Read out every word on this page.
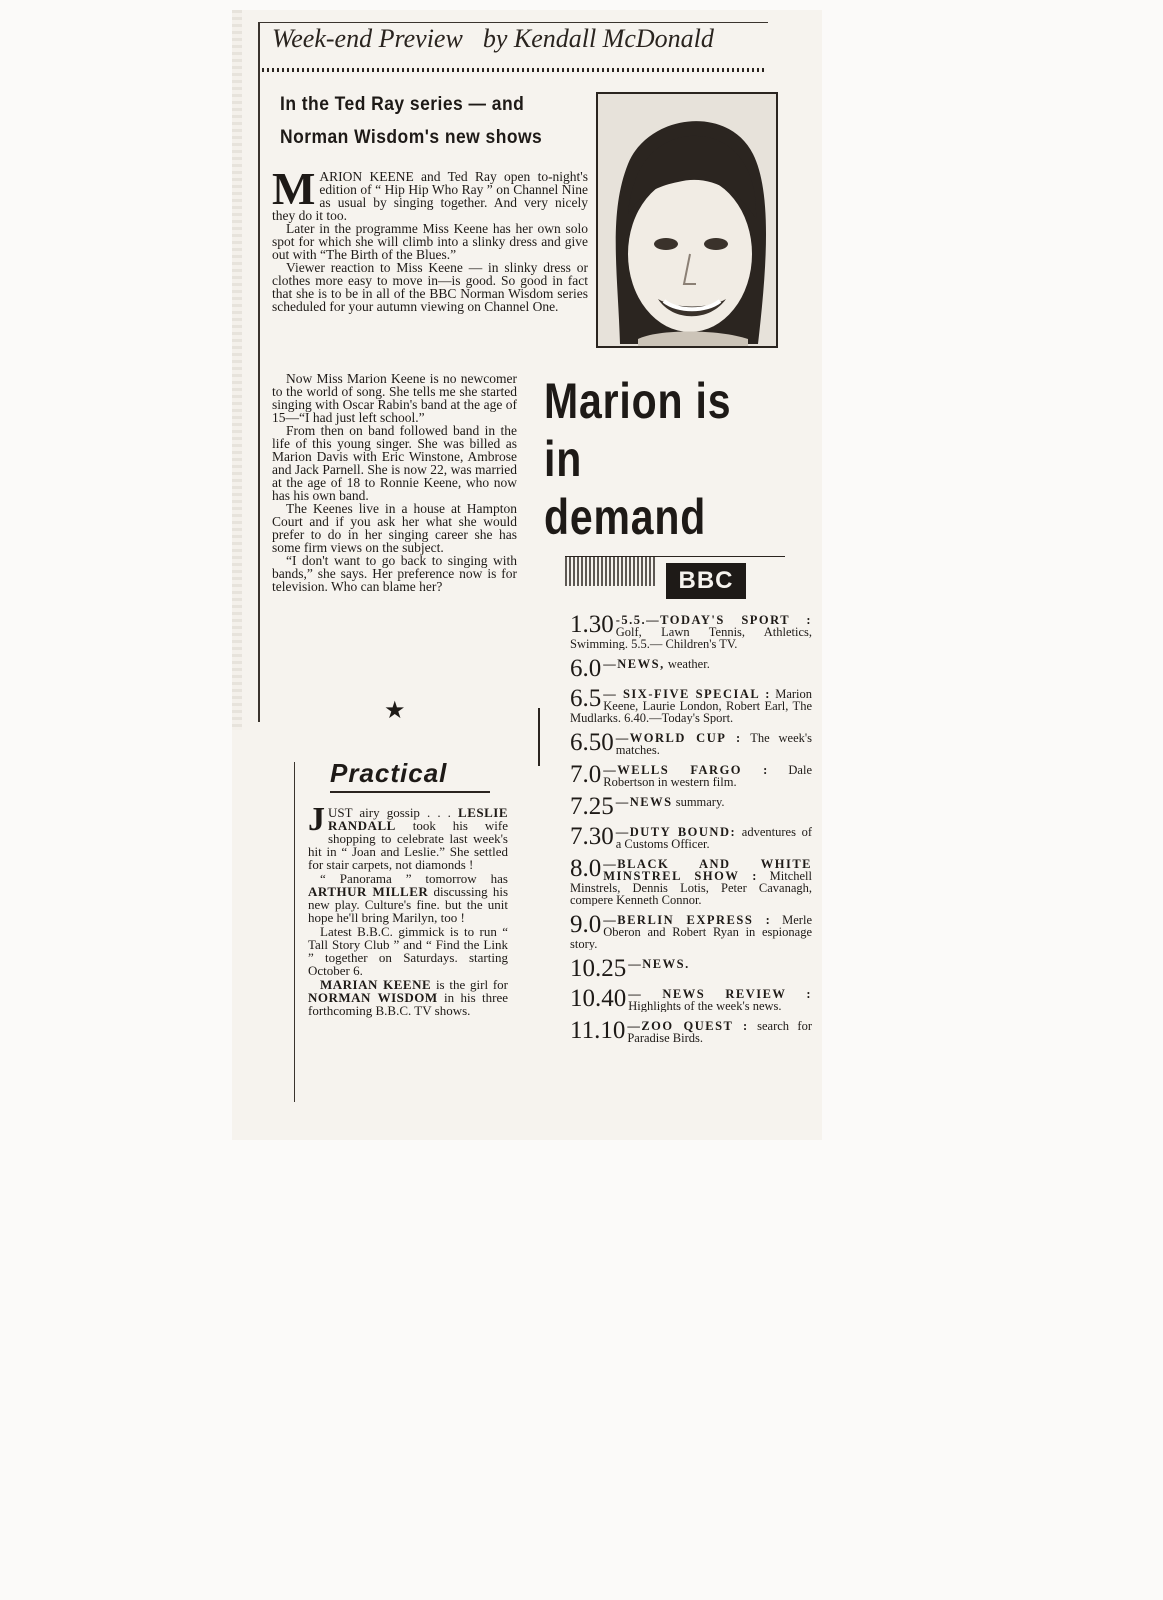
Week-end Preview by Kendall McDonald
In the Ted Ray series — and
Norman Wisdom's new shows

MARION KEENE and Ted Ray open to-night's edition of “ Hip Hip Who Ray ” on Channel Nine as usual by singing together. And very nicely they do it too.

Later in the programme Miss Keene has her own solo spot for which she will climb into a slinky dress and give out with “The Birth of the Blues.”

Viewer reaction to Miss Keene — in slinky dress or clothes more easy to move in—is good. So good in fact that she is to be in all of the BBC Norman Wisdom series scheduled for your autumn viewing on Channel One.

Now Miss Marion Keene is no newcomer to the world of song. She tells me she started singing with Oscar Rabin's band at the age of 15—“I had just left school.”

From then on band followed band in the life of this young singer. She was billed as Marion Davis with Eric Winstone, Ambrose and Jack Parnell. She is now 22, was married at the age of 18 to Ronnie Keene, who now has his own band.

The Keenes live in a house at Hampton Court and if you ask her what she would prefer to do in her singing career she has some firm views on the subject.

“I don't want to go back to singing with bands,” she says. Her preference now is for television. Who can blame her?

Marion is
in demand
★
Practical

JUST airy gossip . . . LESLIE RANDALL took his wife shopping to celebrate last week's hit in “ Joan and Leslie.” She settled for stair carpets, not diamonds !

“ Panorama ” tomorrow has ARTHUR MILLER discussing his new play. Culture's fine. but the unit hope he'll bring Marilyn, too !

Latest B.B.C. gimmick is to run “ Tall Story Club ” and “ Find the Link ” together on Saturdays. starting October 6.

MARIAN KEENE is the girl for NORMAN WISDOM in his three forthcoming B.B.C. TV shows.

BBC
1.30 -5.5.—TODAY'S SPORT : Golf, Lawn Tennis, Athletics, Swimming. 5.5.— Children's TV.
6.0 —NEWS, weather.
6.5 — SIX-FIVE SPECIAL : Marion Keene, Laurie London, Robert Earl, The Mudlarks. 6.40.—Today's Sport.
6.50 —WORLD CUP : The week's matches.
7.0 —WELLS FARGO : Dale Robertson in western film.
7.25 —NEWS summary.
7.30 —DUTY BOUND: adventures of a Customs Officer.
8.0 —BLACK AND WHITE MINSTREL SHOW : Mitchell Minstrels, Dennis Lotis, Peter Cavanagh, compere Kenneth Connor.
9.0 —BERLIN EXPRESS : Merle Oberon and Robert Ryan in espionage story.
10.25 —NEWS.
10.40 — NEWS REVIEW : Highlights of the week's news.
11.10 —ZOO QUEST : search for Paradise Birds.
